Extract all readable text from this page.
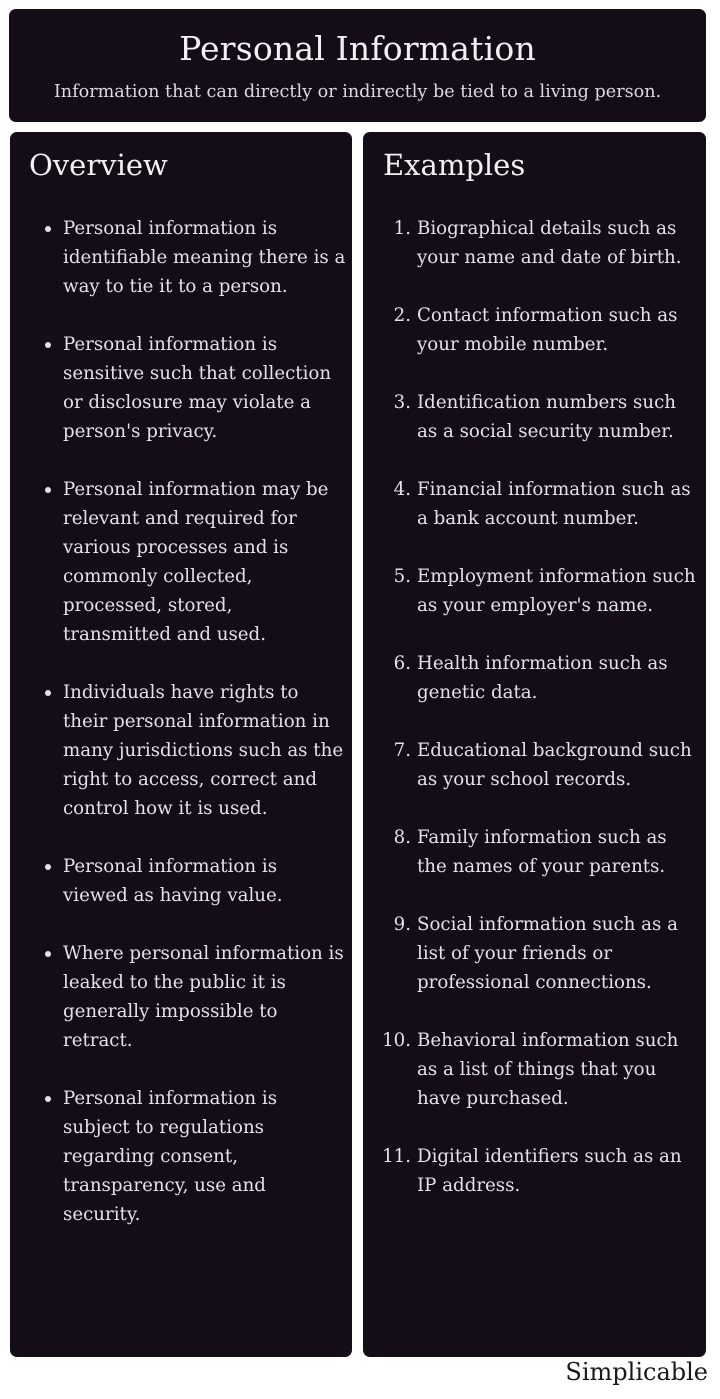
Personal Information

Information that can directly or indirectly be tied to a living person.

Overview
Personal information is identifiable meaning there is a way to tie it to a person.
Personal information is sensitive such that collection or disclosure may violate a person's privacy.
Personal information may be relevant and required for various processes and is commonly collected, processed, stored, transmitted and used.
Individuals have rights to their personal information in many jurisdictions such as the right to access, correct and control how it is used.
Personal information is viewed as having value.
Where personal information is leaked to the public it is generally impossible to retract.
Personal information is subject to regulations regarding consent, transparency, use and security.
Examples
1. Biographical details such as your name and date of birth.
2. Contact information such as your mobile number.
3. Identification numbers such as a social security number.
4. Financial information such as a bank account number.
5. Employment information such as your employer's name.
6. Health information such as genetic data.
7. Educational background such as your school records.
8. Family information such as the names of your parents.
9. Social information such as a list of your friends or professional connections.
10. Behavioral information such as a list of things that you have purchased.
11. Digital identifiers such as an IP address.
Simplicable
